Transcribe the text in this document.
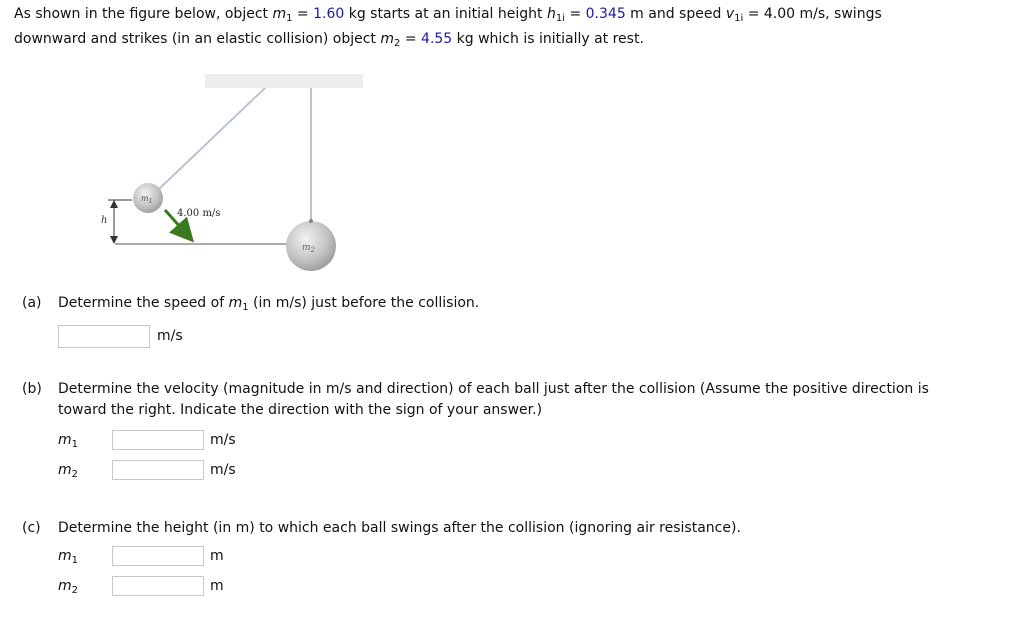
As shown in the figure below, object $m_1 = 1.60$ kg starts at an initial height $h_{1i} = 0.345$ m and speed $v_{1i} = 4.00$ m/s, swings
downward and strikes (in an elastic collision) object $m_2 = 4.55$ kg which is initially at rest.
h
$m_1$
4.00 m/s
$m_2$
(a) Determine the speed of $m_1$ (in m/s) just before the collision.
m/s
(b) Determine the velocity (magnitude in m/s and direction) of each ball just after the collision (Assume the positive direction is
toward the right. Indicate the direction with the sign of your answer.)
$m_1$	m/s
$m_2$	m/s
(c) Determine the height (in m) to which each ball swings after the collision (ignoring air resistance).
$m_1$	m
$m_2$	m
